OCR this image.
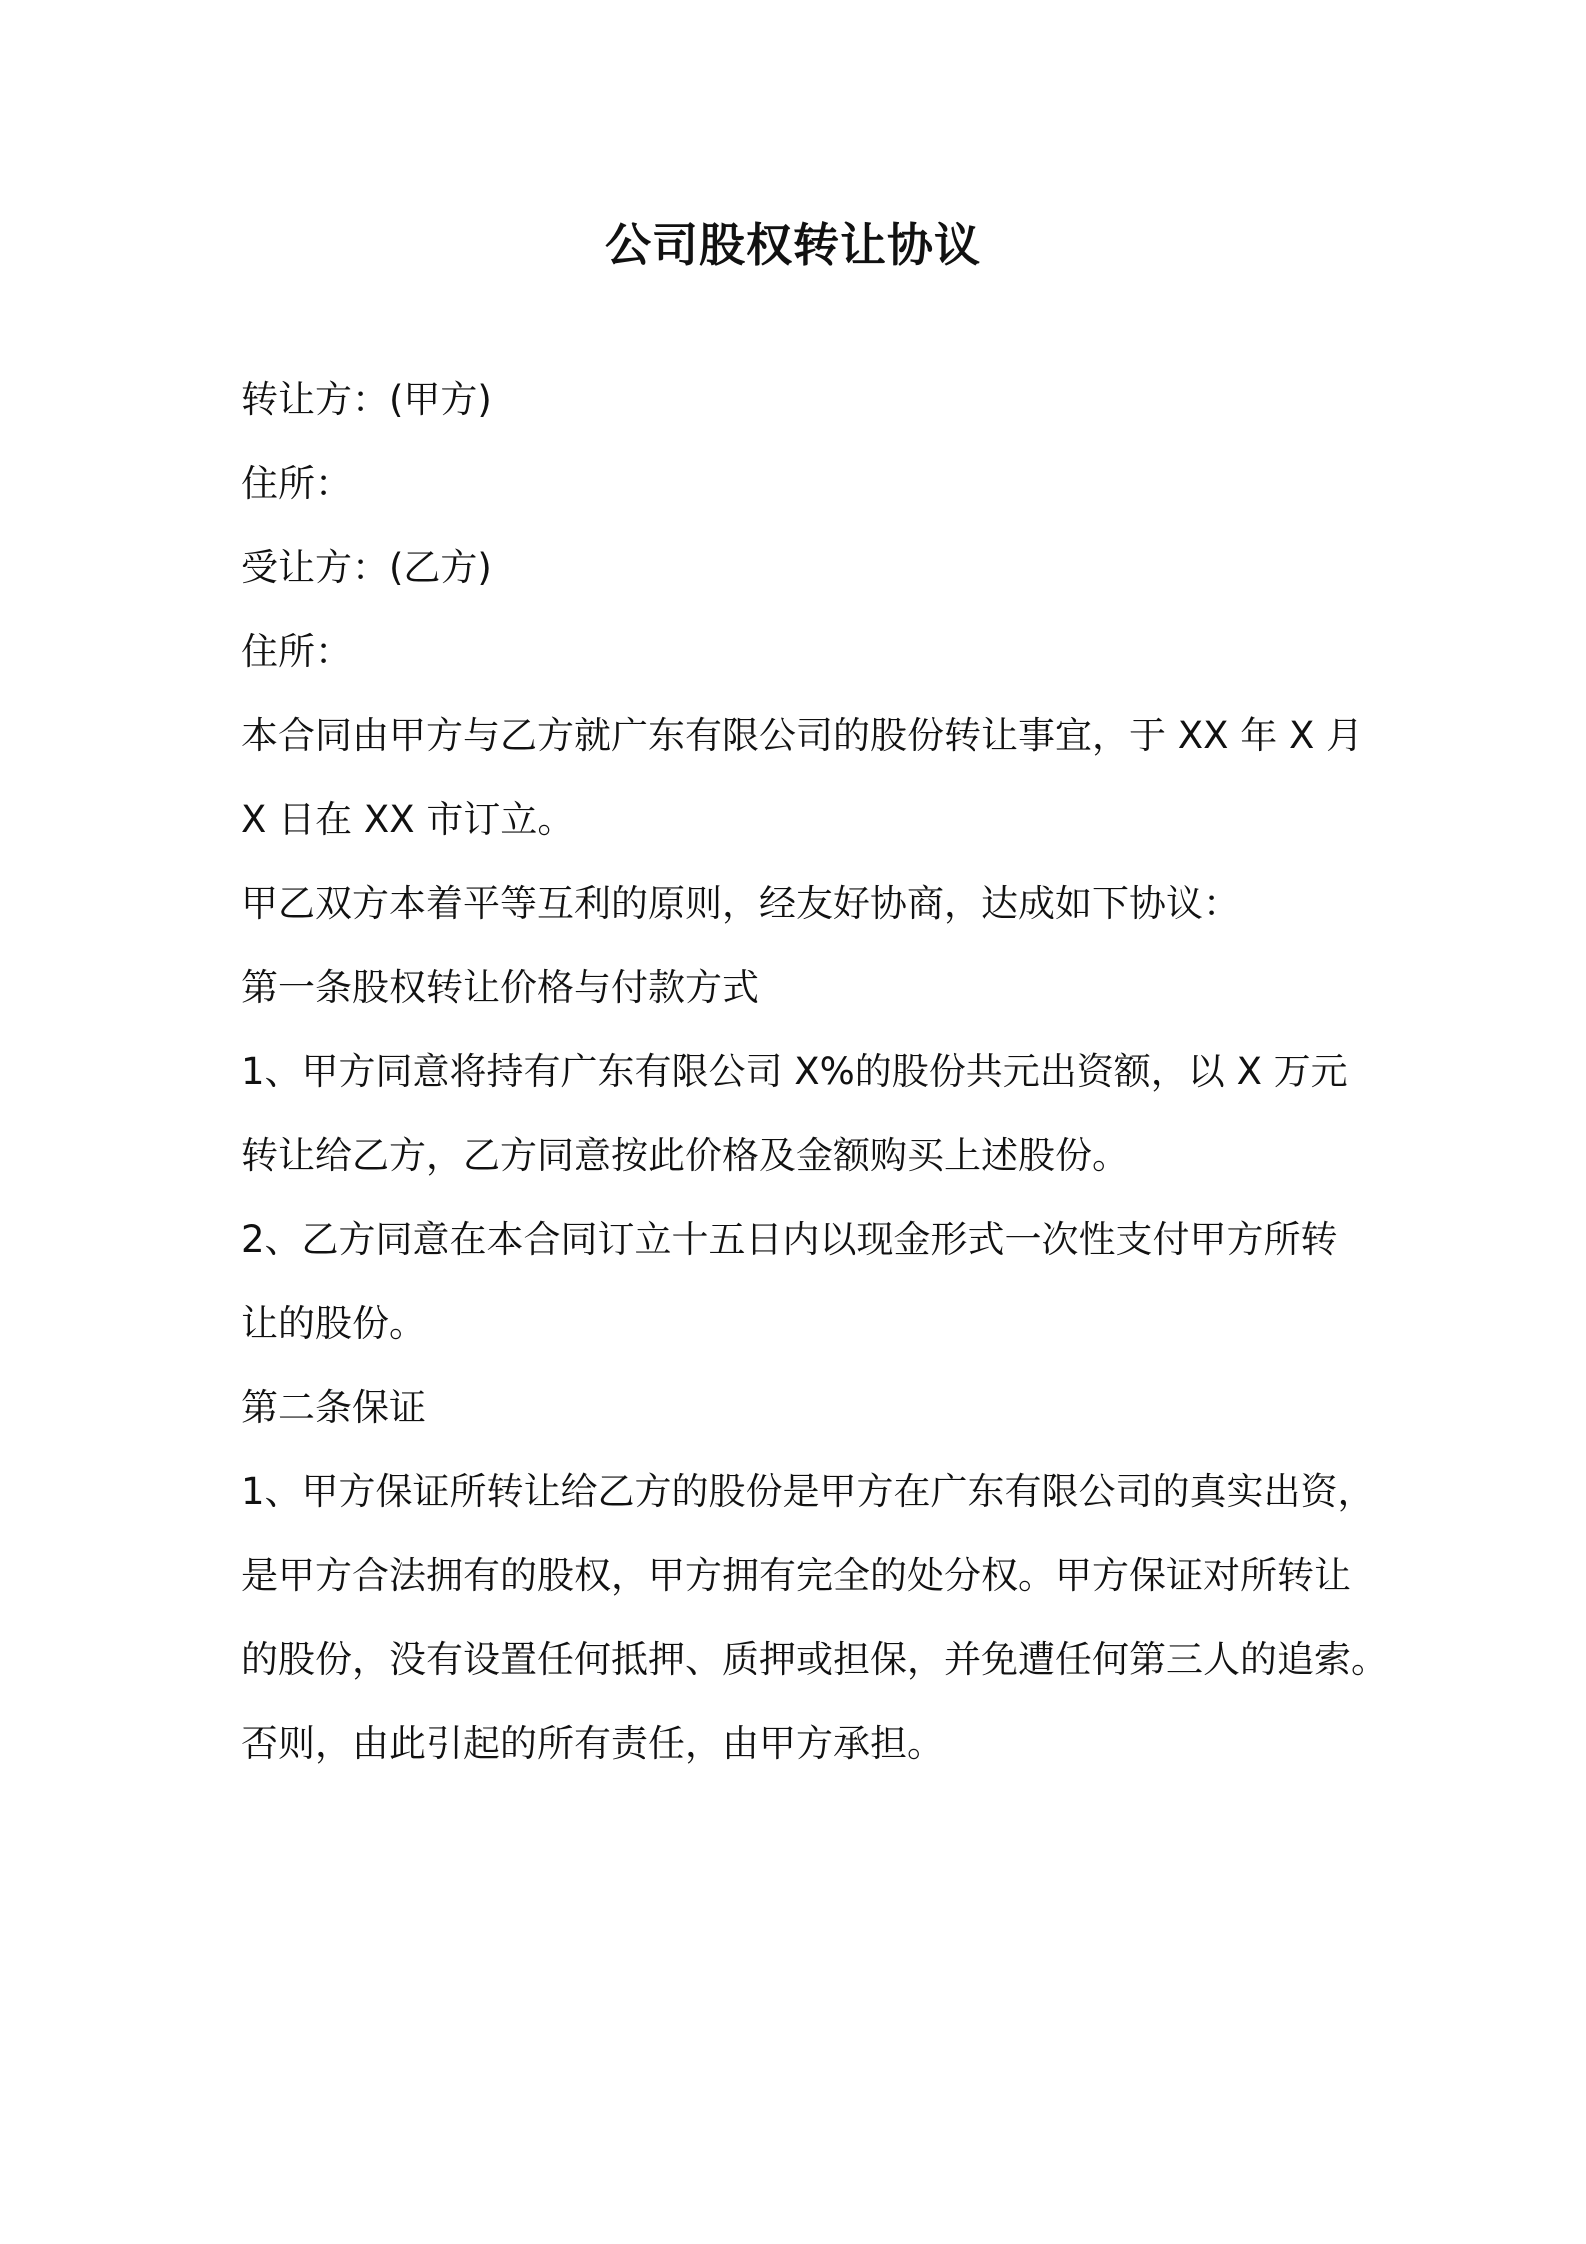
公司股权转让协议

转让方：(甲方)

住所：

受让方：(乙方)

住所：

本合同由甲方与乙方就广东有限公司的股份转让事宜，于 XX 年 X 月

X 日在 XX 市订立。

甲乙双方本着平等互利的原则，经友好协商，达成如下协议：

第一条股权转让价格与付款方式

1、甲方同意将持有广东有限公司 X%的股份共元出资额，以 X 万元

转让给乙方，乙方同意按此价格及金额购买上述股份。

2、乙方同意在本合同订立十五日内以现金形式一次性支付甲方所转

让的股份。

第二条保证

1、甲方保证所转让给乙方的股份是甲方在广东有限公司的真实出资，

是甲方合法拥有的股权，甲方拥有完全的处分权。甲方保证对所转让

的股份，没有设置任何抵押、质押或担保，并免遭任何第三人的追索。

否则，由此引起的所有责任，由甲方承担。
